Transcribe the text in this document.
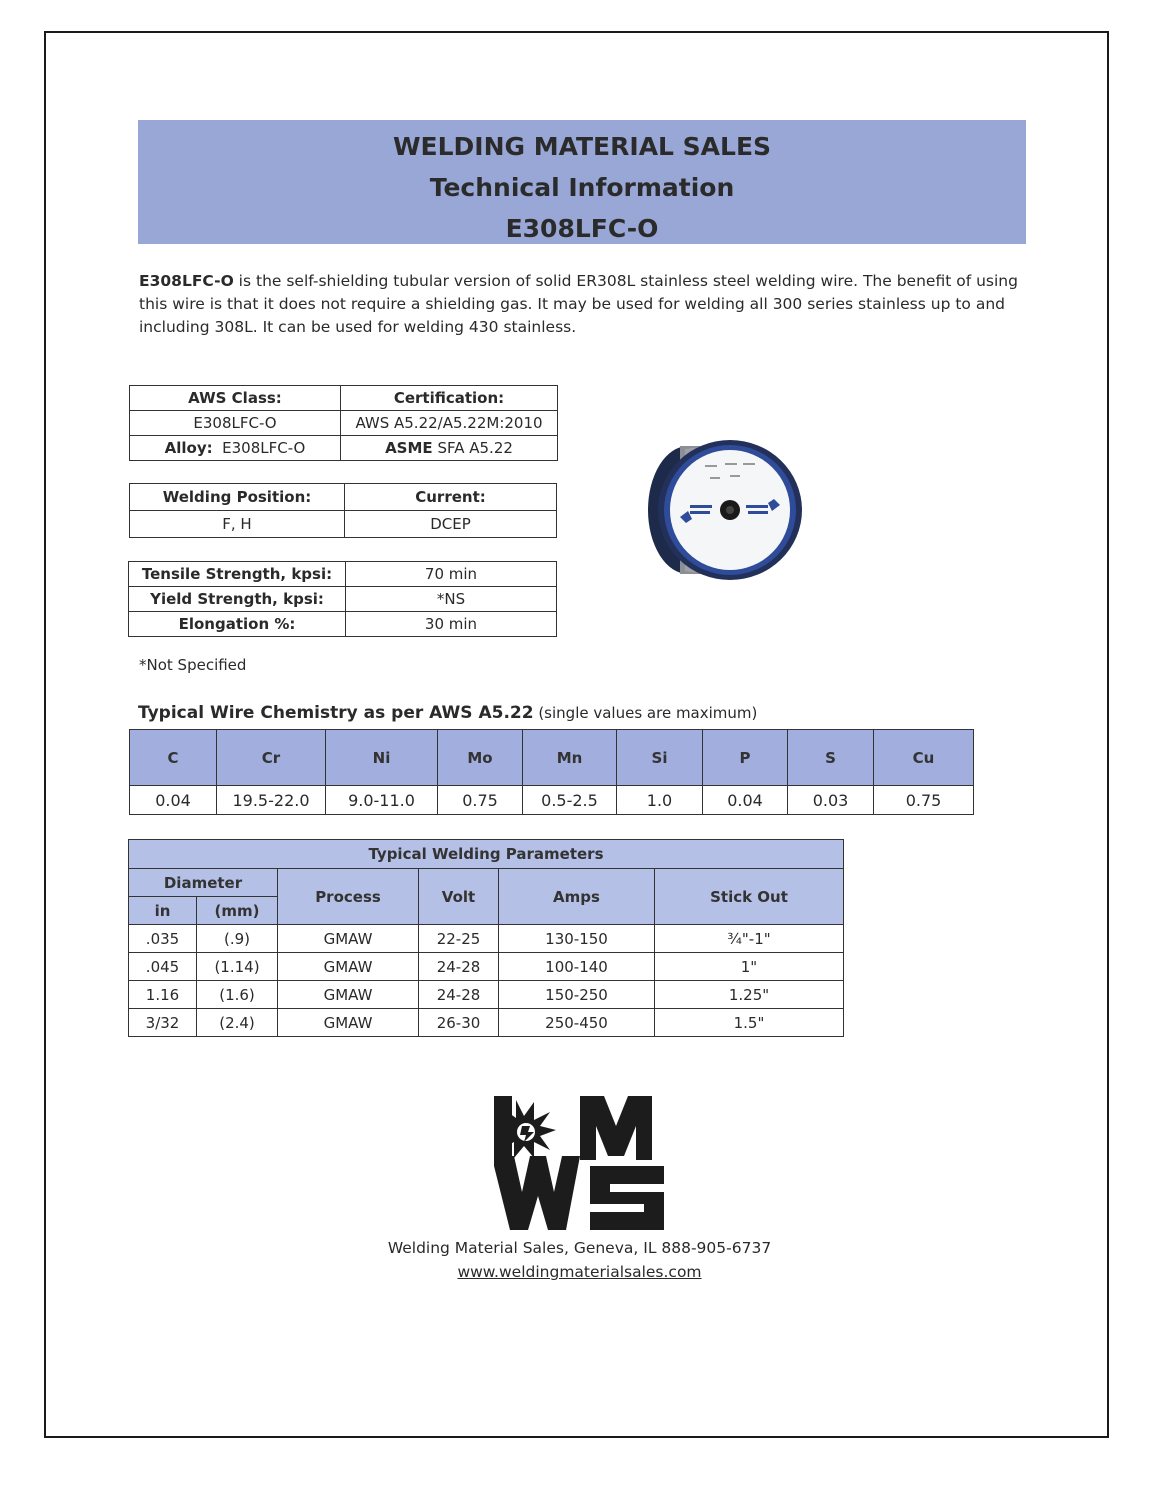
WELDING MATERIAL SALES
Technical Information
E308LFC-O
E308LFC-O is the self-shielding tubular version of solid ER308L stainless steel welding wire. The benefit of using this wire is that it does not require a shielding gas. It may be used for welding all 300 series stainless up to and including 308L. It can be used for welding 430 stainless.
AWS Class:	Certification:
E308LFC-O	AWS A5.22/A5.22M:2010
Alloy: E308LFC-O	ASME SFA A5.22
Welding Position:	Current:
F, H	DCEP
Tensile Strength, kpsi:	70 min
Yield Strength, kpsi:	*NS
Elongation %:	30 min
*Not Specified
Typical Wire Chemistry as per AWS A5.22 (single values are maximum)
C	Cr	Ni	Mo	Mn	Si	P	S	Cu
0.04	19.5-22.0	9.0-11.0	0.75	0.5-2.5	1.0	0.04	0.03	0.75
Typical Welding Parameters					
Diameter		Process	Volt	Amps	Stick Out
in	(mm)				
.035	(.9)	GMAW	22-25	130-150	¾"-1"
.045	(1.14)	GMAW	24-28	100-140	1"
1.16	(1.6)	GMAW	24-28	150-250	1.25"
3/32	(2.4)	GMAW	26-30	250-450	1.5"
Welding Material Sales, Geneva, IL 888-905-6737
www.weldingmaterialsales.com
